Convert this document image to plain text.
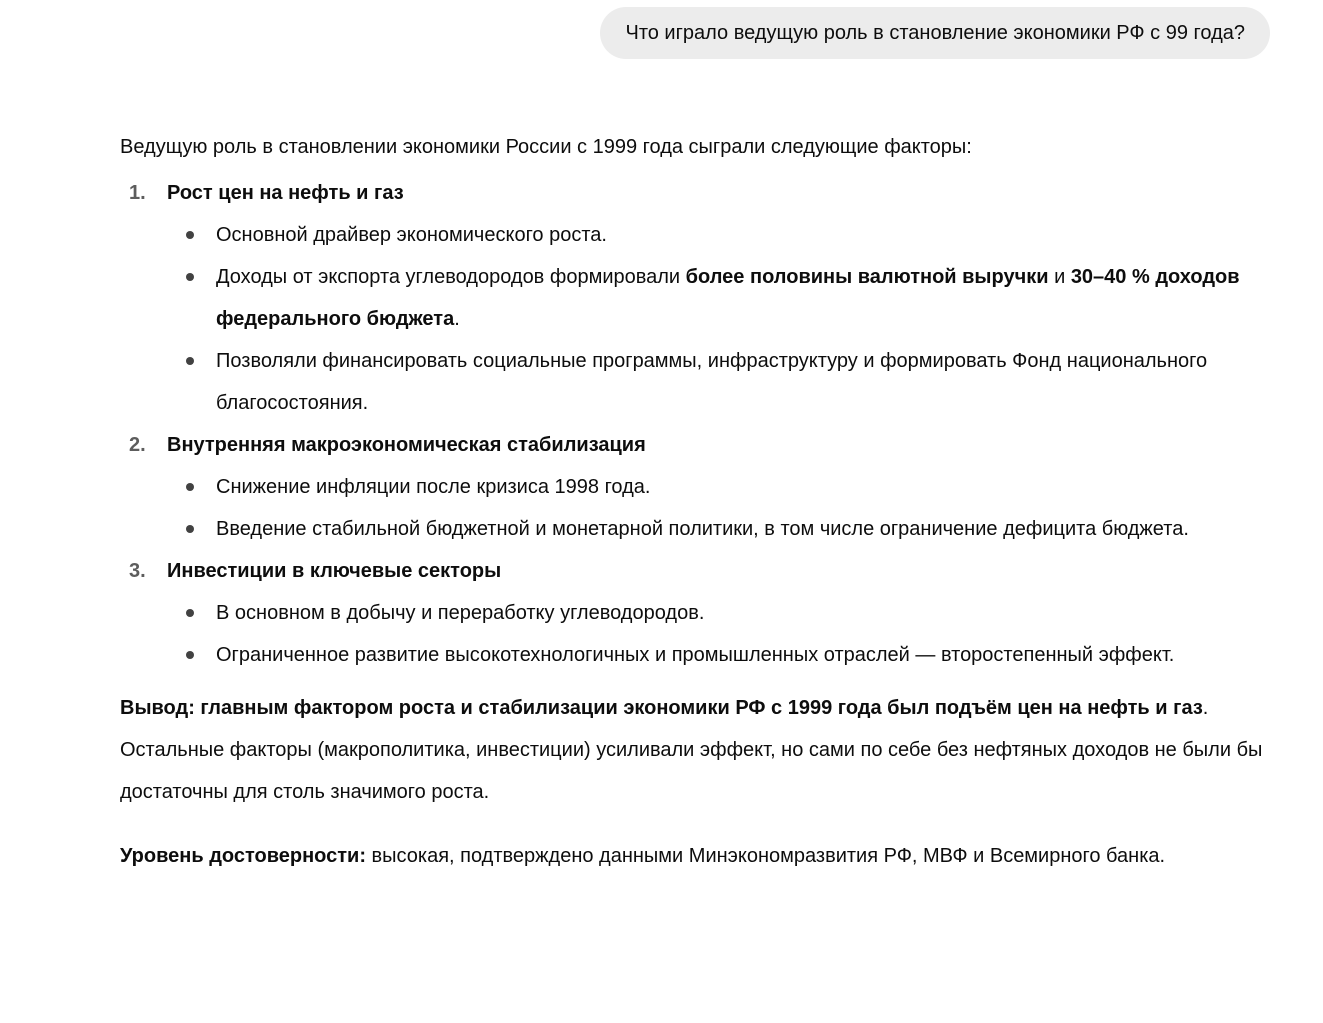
Что играло ведущую роль в становление экономики РФ с 99 года?

Ведущую роль в становлении экономики России с 1999 года сыграли следующие факторы:

1. Рост цен на нефть и газ
Основной драйвер экономического роста.
Доходы от экспорта углеводородов формировали более половины валютной выручки и 30–40 % доходов федерального бюджета.
Позволяли финансировать социальные программы, инфраструктуру и формировать Фонд национального благосостояния.
2. Внутренняя макроэкономическая стабилизация
Снижение инфляции после кризиса 1998 года.
Введение стабильной бюджетной и монетарной политики, в том числе ограничение дефицита бюджета.
3. Инвестиции в ключевые секторы
В основном в добычу и переработку углеводородов.
Ограниченное развитие высокотехнологичных и промышленных отраслей — второстепенный эффект.

Вывод: главным фактором роста и стабилизации экономики РФ с 1999 года был подъём цен на нефть и газ. Остальные факторы (макрополитика, инвестиции) усиливали эффект, но сами по себе без нефтяных доходов не были бы достаточны для столь значимого роста.

Уровень достоверности: высокая, подтверждено данными Минэкономразвития РФ, МВФ и Всемирного банка.
